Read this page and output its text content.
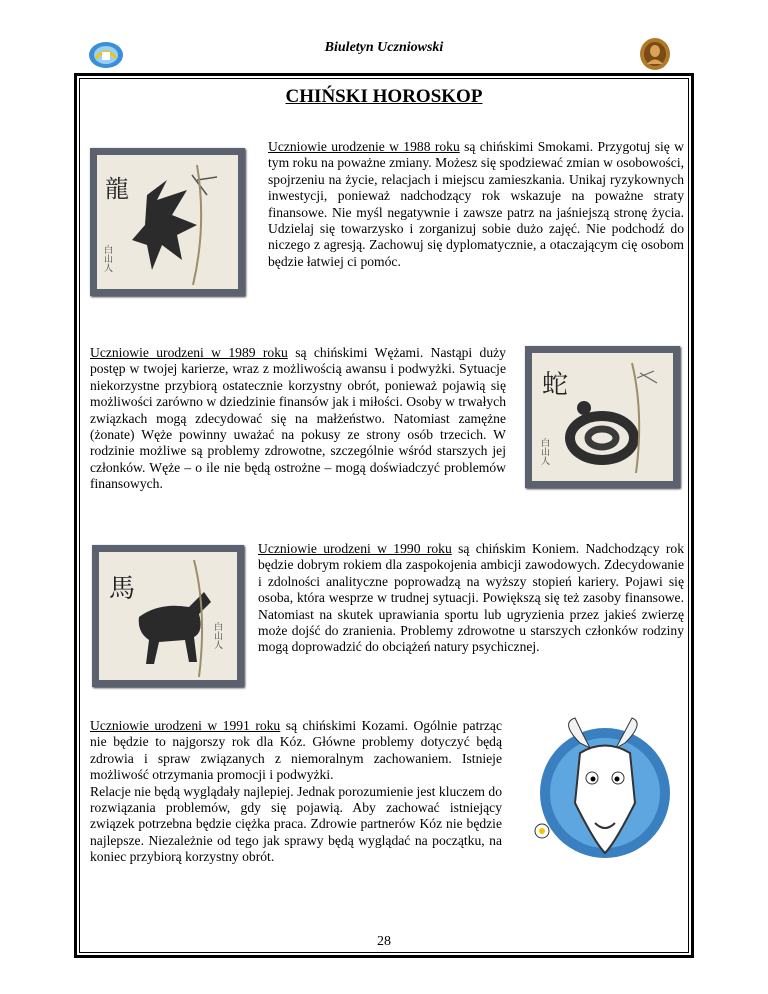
Biuletyn Uczniowski
CHIŃSKI HOROSKOP
龍
白山人
Uczniowie urodzenie w 1988 roku są chińskimi Smokami. Przygotuj się w tym roku na poważne zmiany. Możesz się spodziewać zmian w osobowości, spojrzeniu na życie, relacjach i miejscu zamieszkania. Unikaj ryzykownych inwestycji, ponieważ nadchodzący rok wskazuje na poważne straty finansowe. Nie myśl negatywnie i zawsze patrz na jaśniejszą stronę życia. Udzielaj się towarzysko i zorganizuj sobie dużo zajęć. Nie podchodź do niczego z agresją. Zachowuj się dyplomatycznie, a otaczającym cię osobom będzie łatwiej ci pomóc.
Uczniowie urodzeni w 1989 roku są chińskimi Wężami. Nastąpi duży postęp w twojej karierze, wraz z możliwością awansu i podwyżki. Sytuacje niekorzystne przybiorą ostatecznie korzystny obrót, ponieważ pojawią się możliwości zarówno w dziedzinie finansów jak i miłości. Osoby w trwałych związkach mogą zdecydować się na małżeństwo. Natomiast zamężne (żonate) Węże powinny uważać na pokusy ze strony osób trzecich. W rodzinie możliwe są problemy zdrowotne, szczególnie wśród starszych jej członków. Węże – o ile nie będą ostrożne – mogą doświadczyć problemów finansowych.
蛇
白山人
馬
白山人
Uczniowie urodzeni w 1990 roku są chińskim Koniem. Nadchodzący rok będzie dobrym rokiem dla zaspokojenia ambicji zawodowych. Zdecydowanie i zdolności analityczne poprowadzą na wyższy stopień kariery. Pojawi się osoba, która wesprze w trudnej sytuacji. Powiększą się też zasoby finansowe. Natomiast na skutek uprawiania sportu lub ugryzienia przez jakieś zwierzę może dojść do zranienia. Problemy zdrowotne u starszych członków rodziny mogą doprowadzić do obciążeń natury psychicznej.
Uczniowie urodzeni w 1991 roku są chińskimi Kozami. Ogólnie patrząc nie będzie to najgorszy rok dla Kóz. Główne problemy dotyczyć będą zdrowia i spraw związanych z niemoralnym zachowaniem. Istnieje możliwość otrzymania promocji i podwyżki.
Relacje nie będą wyglądały najlepiej. Jednak porozumienie jest kluczem do rozwiązania problemów, gdy się pojawią. Aby zachować istniejący związek potrzebna będzie ciężka praca. Zdrowie partnerów Kóz nie będzie najlepsze. Niezależnie od tego jak sprawy będą wyglądać na początku, na koniec przybiorą korzystny obrót.
28
